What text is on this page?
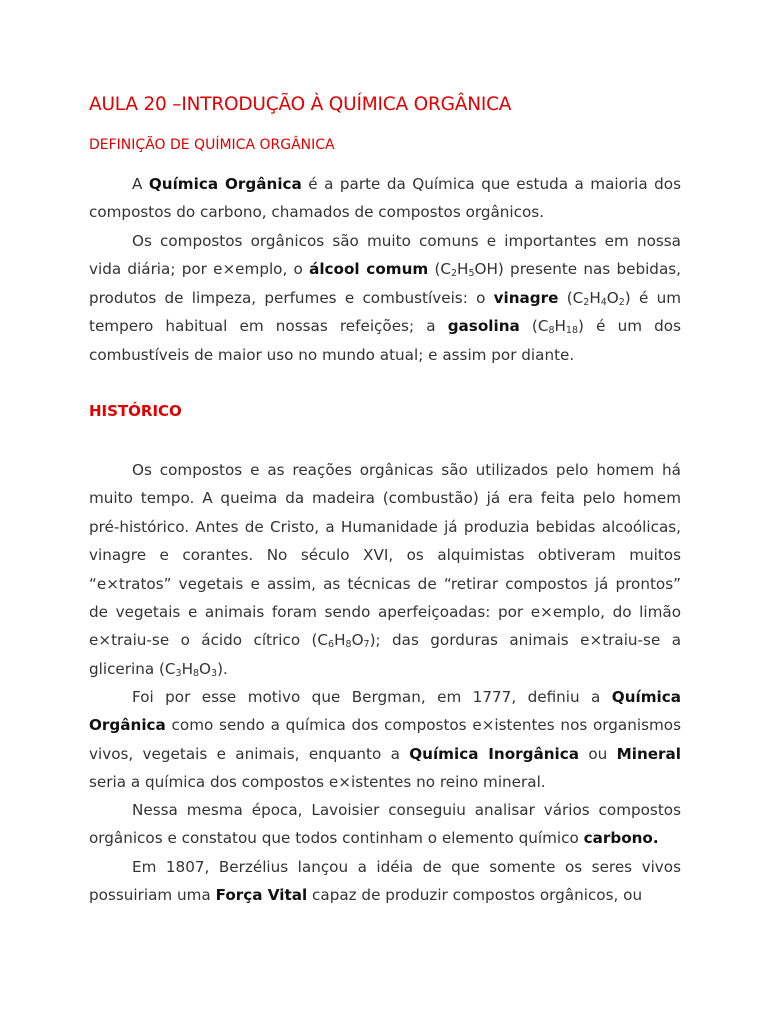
AULA 20 –INTRODUÇÃO À QUÍMICA ORGÂNICA
DEFINIÇÃO DE QUÍMICA ORGÂNICA

A Química Orgânica é a parte da Química que estuda a maioria dos compostos do carbono, chamados de compostos orgânicos.

Os compostos orgânicos são muito comuns e importantes em nossa vida diária; por e×emplo, o álcool comum $(C_2H_5OH)$ presente nas bebidas, produtos de limpeza, perfumes e combustíveis: o vinagre $(C_2H_4O_2)$ é um tempero habitual em nossas refeições; a gasolina $(C_8H_{18})$ é um dos combustíveis de maior uso no mundo atual; e assim por diante.

HISTÓRICO

Os compostos e as reações orgânicas são utilizados pelo homem há muito tempo. A queima da madeira (combustão) já era feita pelo homem pré-histórico. Antes de Cristo, a Humanidade já produzia bebidas alcoólicas, vinagre e corantes. No século XVI, os alquimistas obtiveram muitos “e×tratos” vegetais e assim, as técnicas de “retirar compostos já prontos” de vegetais e animais foram sendo aperfeiçoadas: por e×emplo, do limão e×traiu-se o ácido cítrico $(C_6H_8O_7)$; das gorduras animais e×traiu-se a glicerina $(C_3H_8O_3)$.

Foi por esse motivo que Bergman, em 1777, definiu a Química Orgânica como sendo a química dos compostos e×istentes nos organismos vivos, vegetais e animais, enquanto a Química Inorgânica ou Mineral seria a química dos compostos e×istentes no reino mineral.

Nessa mesma época, Lavoisier conseguiu analisar vários compostos orgânicos e constatou que todos continham o elemento químico carbono.

Em 1807, Berzélius lançou a idéia de que somente os seres vivos possuiriam uma Força Vital capaz de produzir compostos orgânicos, ou
